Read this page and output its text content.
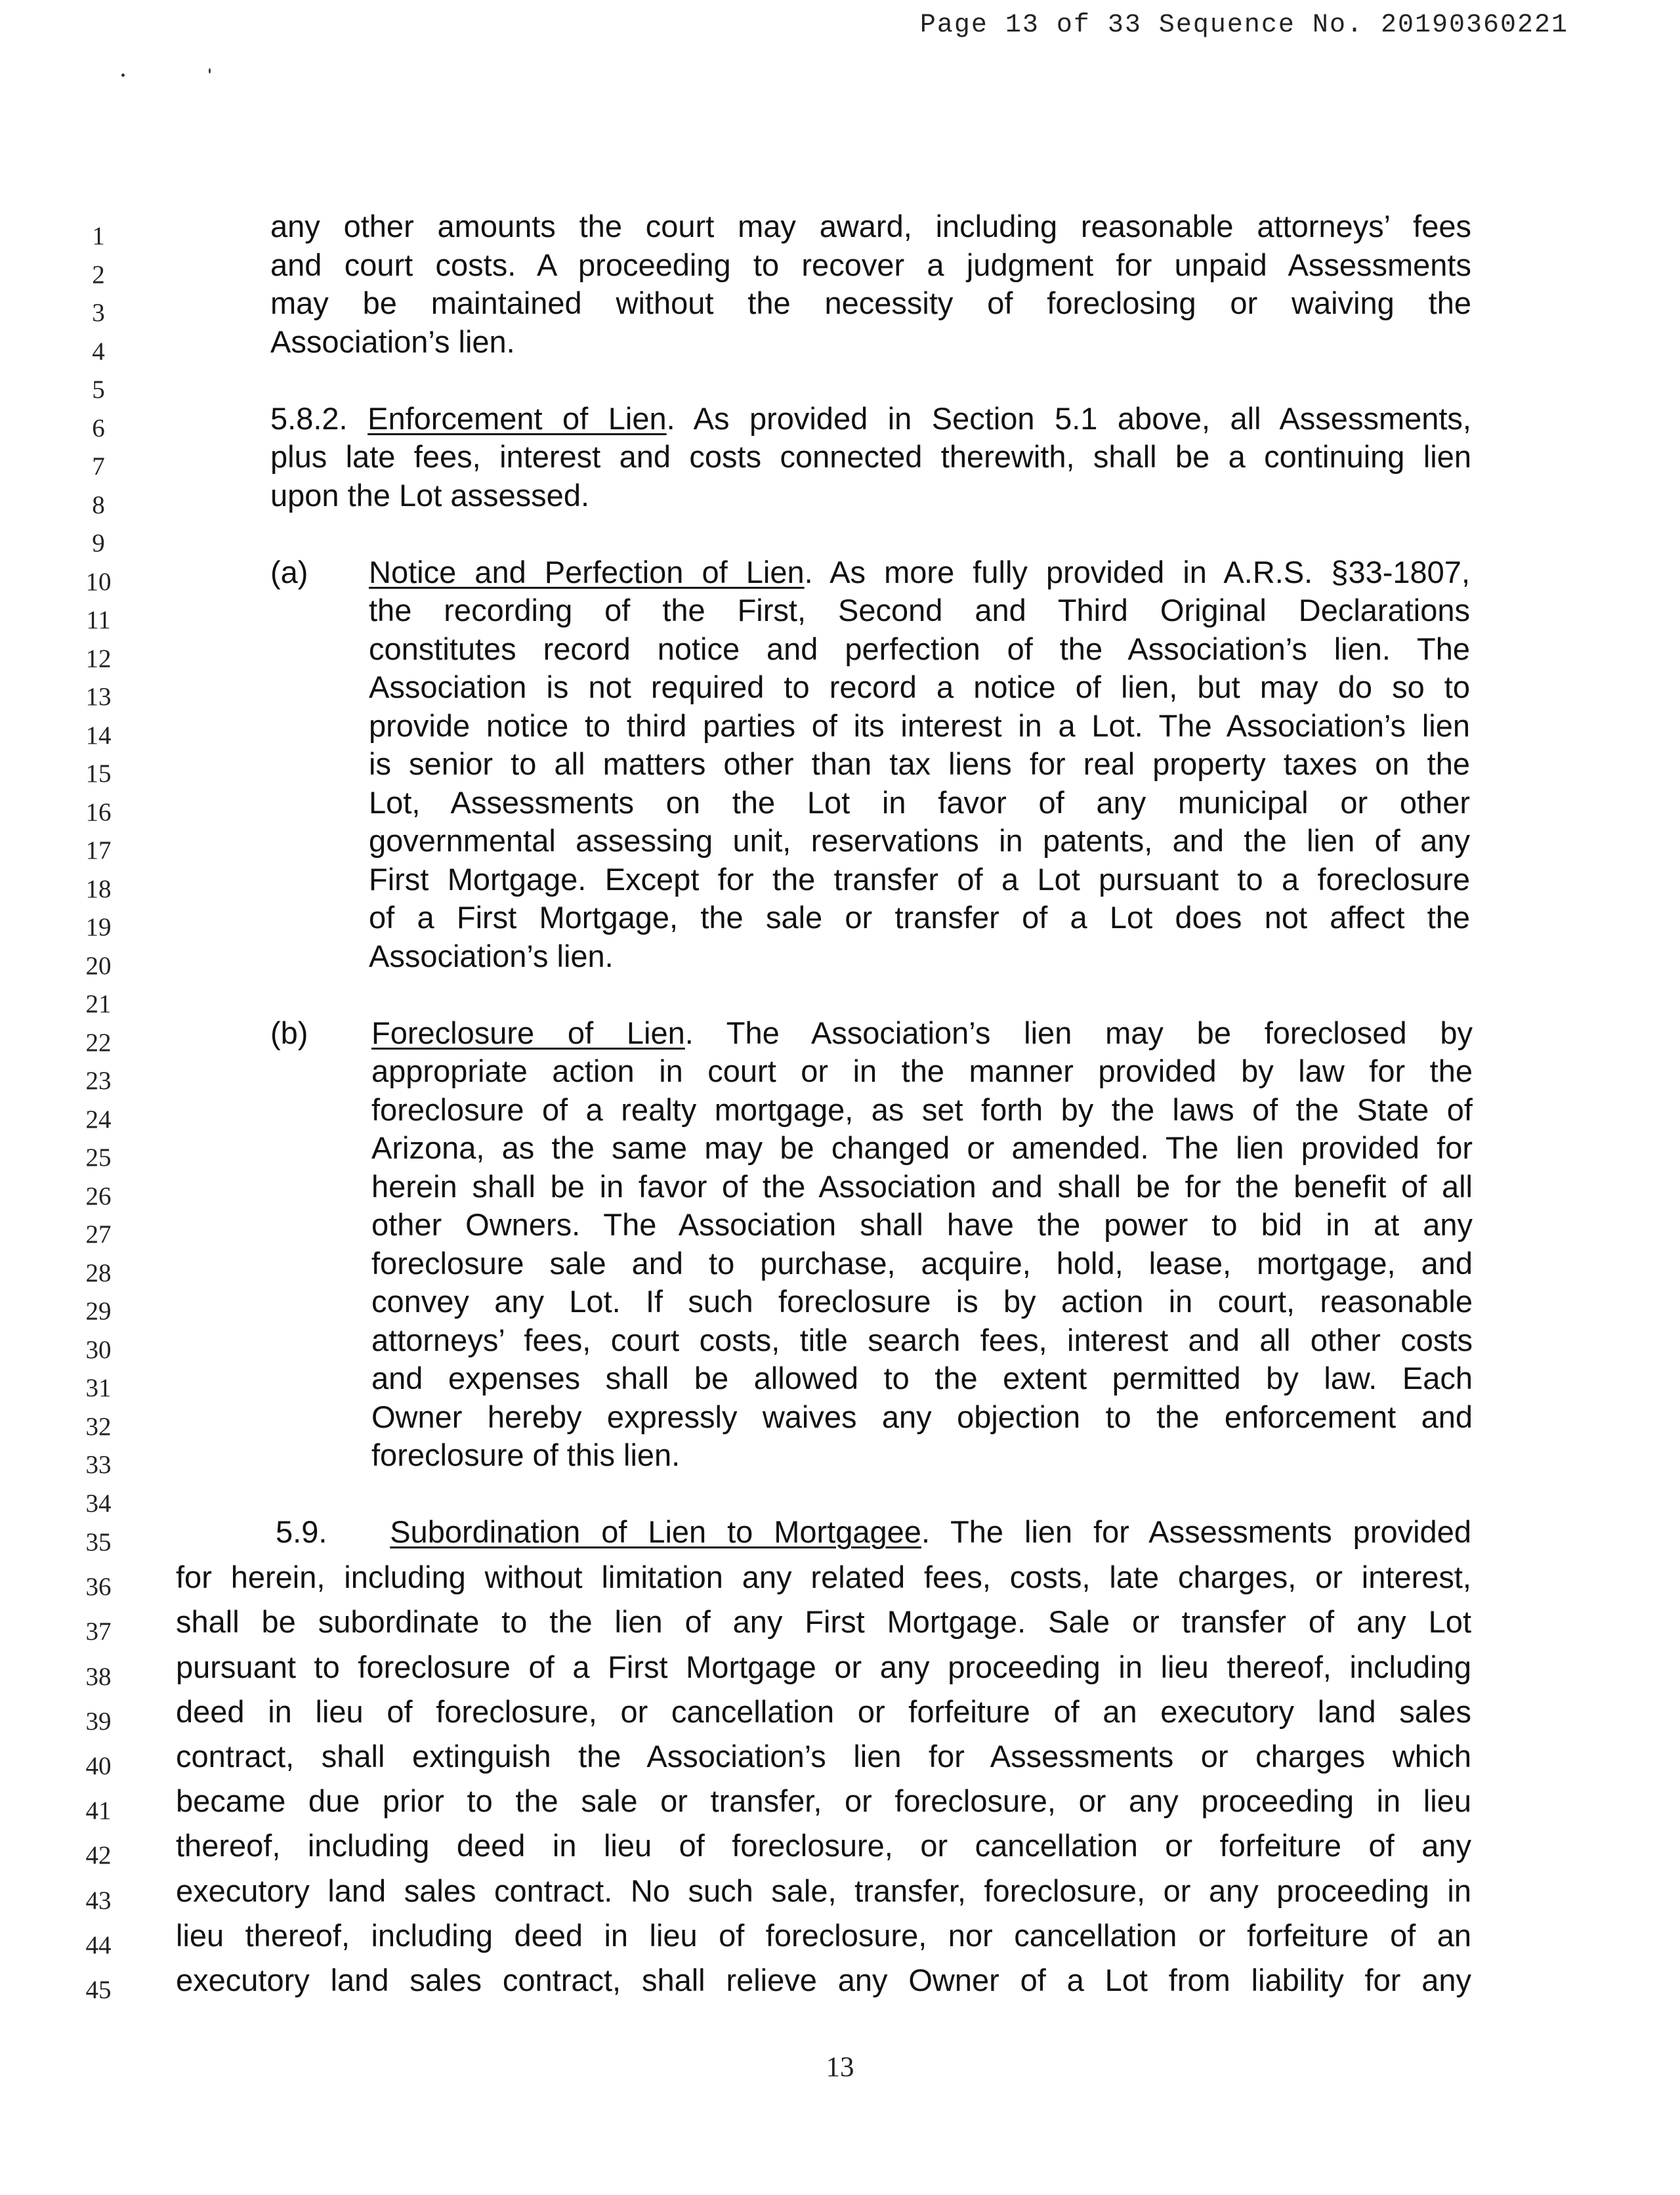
Page 13 of 33 Sequence No. 20190360221
1
2
3
4
5
6
7
8
9
10
11
12
13
14
15
16
17
18
19
20
21
22
23
24
25
26
27
28
29
30
31
32
33
34
35
36
37
38
39
40
41
42
43
44
45
any other amounts the court may award, including reasonable attorneys’ fees
and court costs. A proceeding to recover a judgment for unpaid Assessments
may be maintained without the necessity of foreclosing or waiving the
Association’s lien.
5.8.2. Enforcement of Lien. As provided in Section 5.1 above, all Assessments,
plus late fees, interest and costs connected therewith, shall be a continuing lien
upon the Lot assessed.
(a) Notice and Perfection of Lien. As more fully provided in A.R.S. §33-1807,
the recording of the First, Second and Third Original Declarations
constitutes record notice and perfection of the Association’s lien. The
Association is not required to record a notice of lien, but may do so to
provide notice to third parties of its interest in a Lot. The Association’s lien
is senior to all matters other than tax liens for real property taxes on the
Lot, Assessments on the Lot in favor of any municipal or other
governmental assessing unit, reservations in patents, and the lien of any
First Mortgage. Except for the transfer of a Lot pursuant to a foreclosure
of a First Mortgage, the sale or transfer of a Lot does not affect the
Association’s lien.
(b) Foreclosure of Lien. The Association’s lien may be foreclosed by
appropriate action in court or in the manner provided by law for the
foreclosure of a realty mortgage, as set forth by the laws of the State of
Arizona, as the same may be changed or amended. The lien provided for
herein shall be in favor of the Association and shall be for the benefit of all
other Owners. The Association shall have the power to bid in at any
foreclosure sale and to purchase, acquire, hold, lease, mortgage, and
convey any Lot. If such foreclosure is by action in court, reasonable
attorneys’ fees, court costs, title search fees, interest and all other costs
and expenses shall be allowed to the extent permitted by law. Each
Owner hereby expressly waives any objection to the enforcement and
foreclosure of this lien.
5.9. Subordination of Lien to Mortgagee. The lien for Assessments provided
for herein, including without limitation any related fees, costs, late charges, or interest,
shall be subordinate to the lien of any First Mortgage. Sale or transfer of any Lot
pursuant to foreclosure of a First Mortgage or any proceeding in lieu thereof, including
deed in lieu of foreclosure, or cancellation or forfeiture of an executory land sales
contract, shall extinguish the Association’s lien for Assessments or charges which
became due prior to the sale or transfer, or foreclosure, or any proceeding in lieu
thereof, including deed in lieu of foreclosure, or cancellation or forfeiture of any
executory land sales contract. No such sale, transfer, foreclosure, or any proceeding in
lieu thereof, including deed in lieu of foreclosure, nor cancellation or forfeiture of an
executory land sales contract, shall relieve any Owner of a Lot from liability for any
13
